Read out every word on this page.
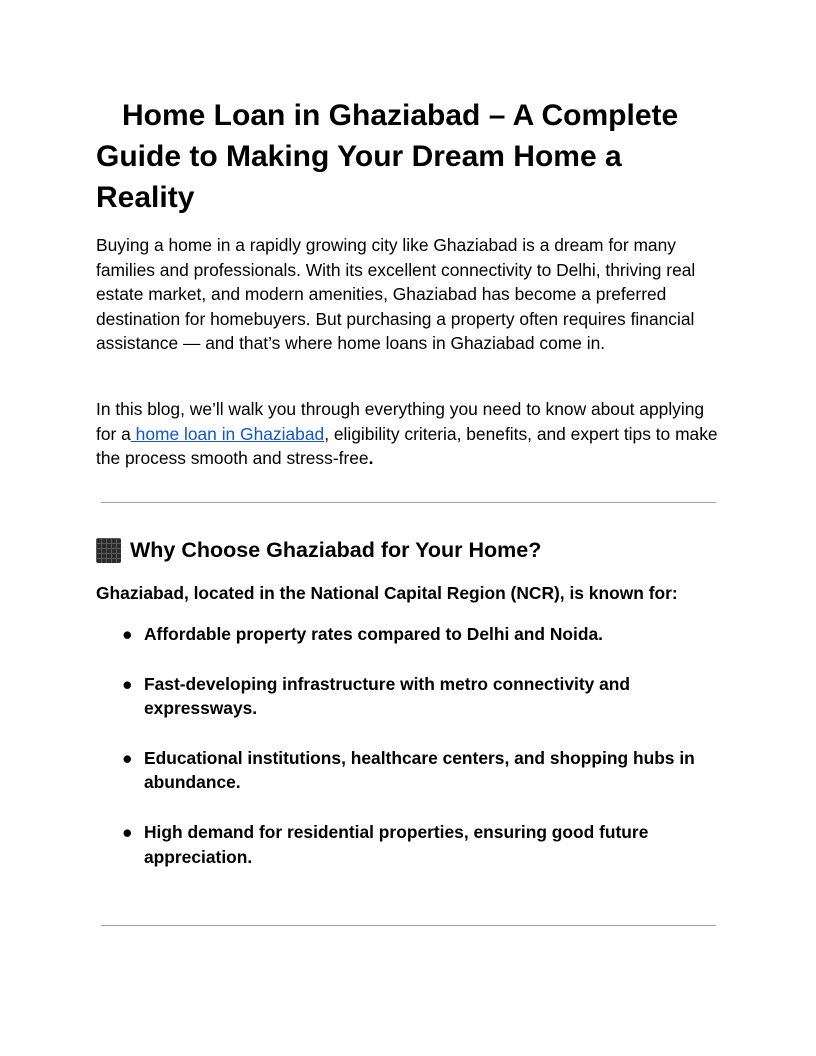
Home Loan in Ghaziabad – A Complete Guide to Making Your Dream Home a Reality

Buying a home in a rapidly growing city like Ghaziabad is a dream for many families and professionals. With its excellent connectivity to Delhi, thriving real estate market, and modern amenities, Ghaziabad has become a preferred destination for homebuyers. But purchasing a property often requires financial assistance — and that’s where home loans in Ghaziabad come in.

In this blog, we’ll walk you through everything you need to know about applying for a home loan in Ghaziabad, eligibility criteria, benefits, and expert tips to make the process smooth and stress-free.

Why Choose Ghaziabad for Your Home?

Ghaziabad, located in the National Capital Region (NCR), is known for:

● Affordable property rates compared to Delhi and Noida.
● Fast-developing infrastructure with metro connectivity and expressways.
● Educational institutions, healthcare centers, and shopping hubs in abundance.
● High demand for residential properties, ensuring good future appreciation.
